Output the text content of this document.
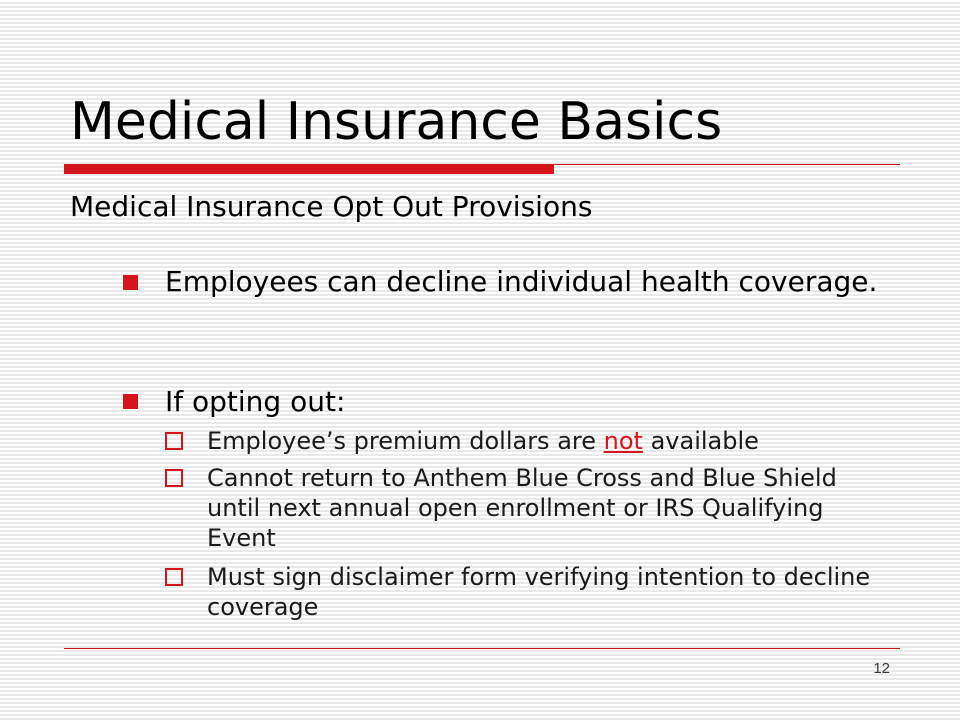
Medical Insurance Basics
Medical Insurance Opt Out Provisions
Employees can decline individual health coverage.
If opting out:
Employee’s premium dollars are not available
Cannot return to Anthem Blue Cross and Blue Shield until next annual open enrollment or IRS Qualifying Event
Must sign disclaimer form verifying intention to decline coverage
12
